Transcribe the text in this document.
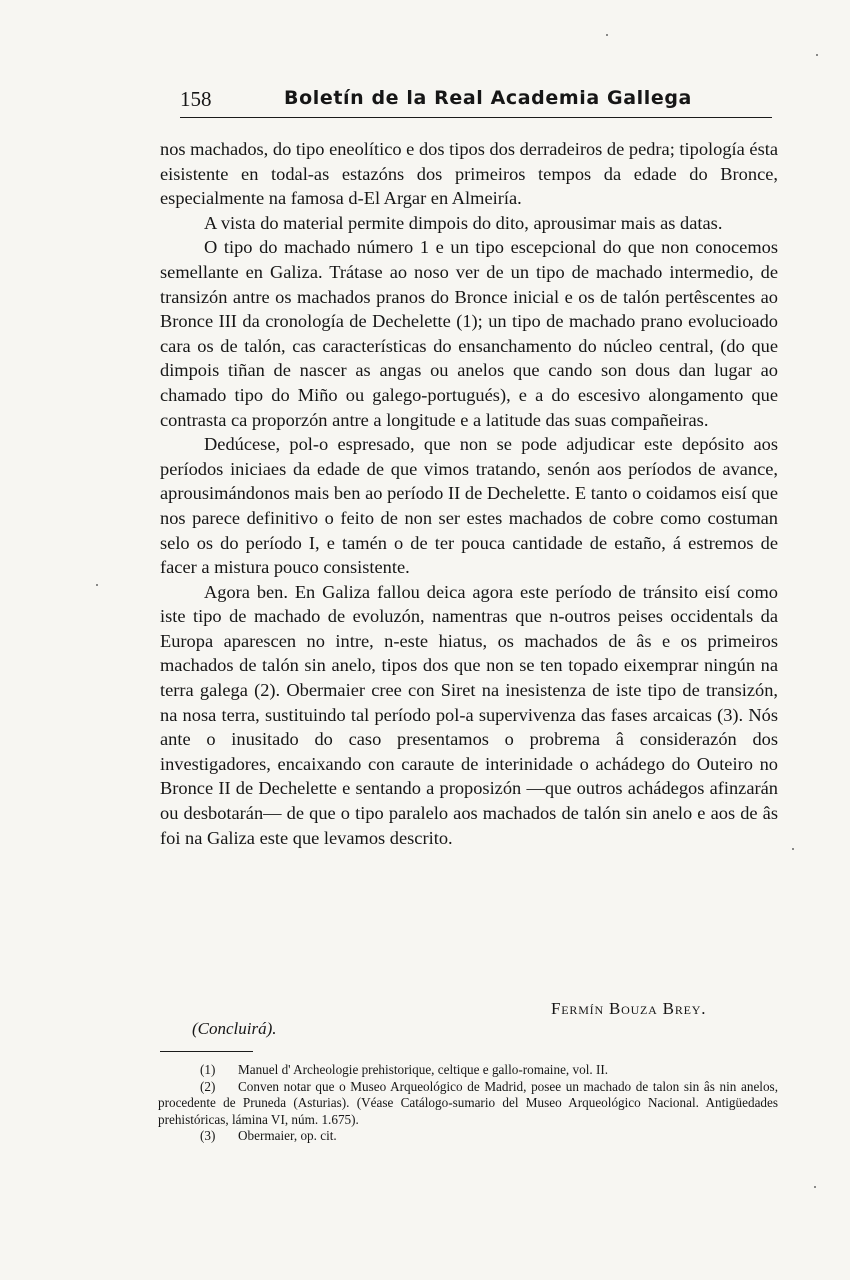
158	Boletín de la Real Academia Gallega

nos machados, do tipo eneolítico e dos tipos dos derradeiros de pedra; tipología ésta eisistente en todal-as estazóns dos primeiros tempos da edade do Bronce, especialmente na famosa d-El Argar en Almeiría.

A vista do material permite dimpois do dito, aprousimar mais as datas.

O tipo do machado número 1 e un tipo escepcional do que non conocemos semellante en Galiza. Trátase ao noso ver de un tipo de machado intermedio, de transizón antre os machados pranos do Bronce inicial e os de talón pertêscentes ao Bronce III da cronología de Dechelette (1); un tipo de machado prano evolucioado cara os de talón, cas características do ensanchamento do núcleo central, (do que dimpois tiñan de nascer as angas ou anelos que cando son dous dan lugar ao chamado tipo do Miño ou galego-portugués), e a do escesivo alongamento que contrasta ca proporzón antre a longitude e a latitude das suas compañeiras.

Dedúcese, pol-o espresado, que non se pode adjudicar este depósito aos períodos iniciaes da edade de que vimos tratando, senón aos períodos de avance, aprousimándonos mais ben ao período II de Dechelette. E tanto o coidamos eisí que nos parece definitivo o feito de non ser estes machados de cobre como costuman selo os do período I, e tamén o de ter pouca cantidade de estaño, á estremos de facer a mistura pouco consistente.

Agora ben. En Galiza fallou deica agora este período de tránsito eisí como iste tipo de machado de evoluzón, namentras que n-outros peises occidentals da Europa aparescen no intre, n-este hiatus, os machados de âs e os primeiros machados de talón sin anelo, tipos dos que non se ten topado eixemprar ningún na terra galega (2). Obermaier cree con Siret na inesistenza de iste tipo de transizón, na nosa terra, sustituindo tal período pol-a supervivenza das fases arcaicas (3). Nós ante o inusitado do caso presentamos o probrema â considerazón dos investigadores, encaixando con caraute de interinidade o achádego do Outeiro no Bronce II de Dechelette e sentando a proposizón —que outros achádegos afinzarán ou desbotarán— de que o tipo paralelo aos machados de talón sin anelo e aos de âs foi na Galiza este que levamos descrito.

Fermín Bouza Brey.
(Concluirá).

(1) Manuel d' Archeologie prehistorique, celtique e gallo-romaine, vol. II.

(2) Conven notar que o Museo Arqueológico de Madrid, posee un machado de talon sin âs nin anelos, procedente de Pruneda (Asturias). (Véase Catálogo-sumario del Museo Arqueológico Nacional. Antigüedades prehistóricas, lámina VI, núm. 1.675).

(3) Obermaier, op. cit.
